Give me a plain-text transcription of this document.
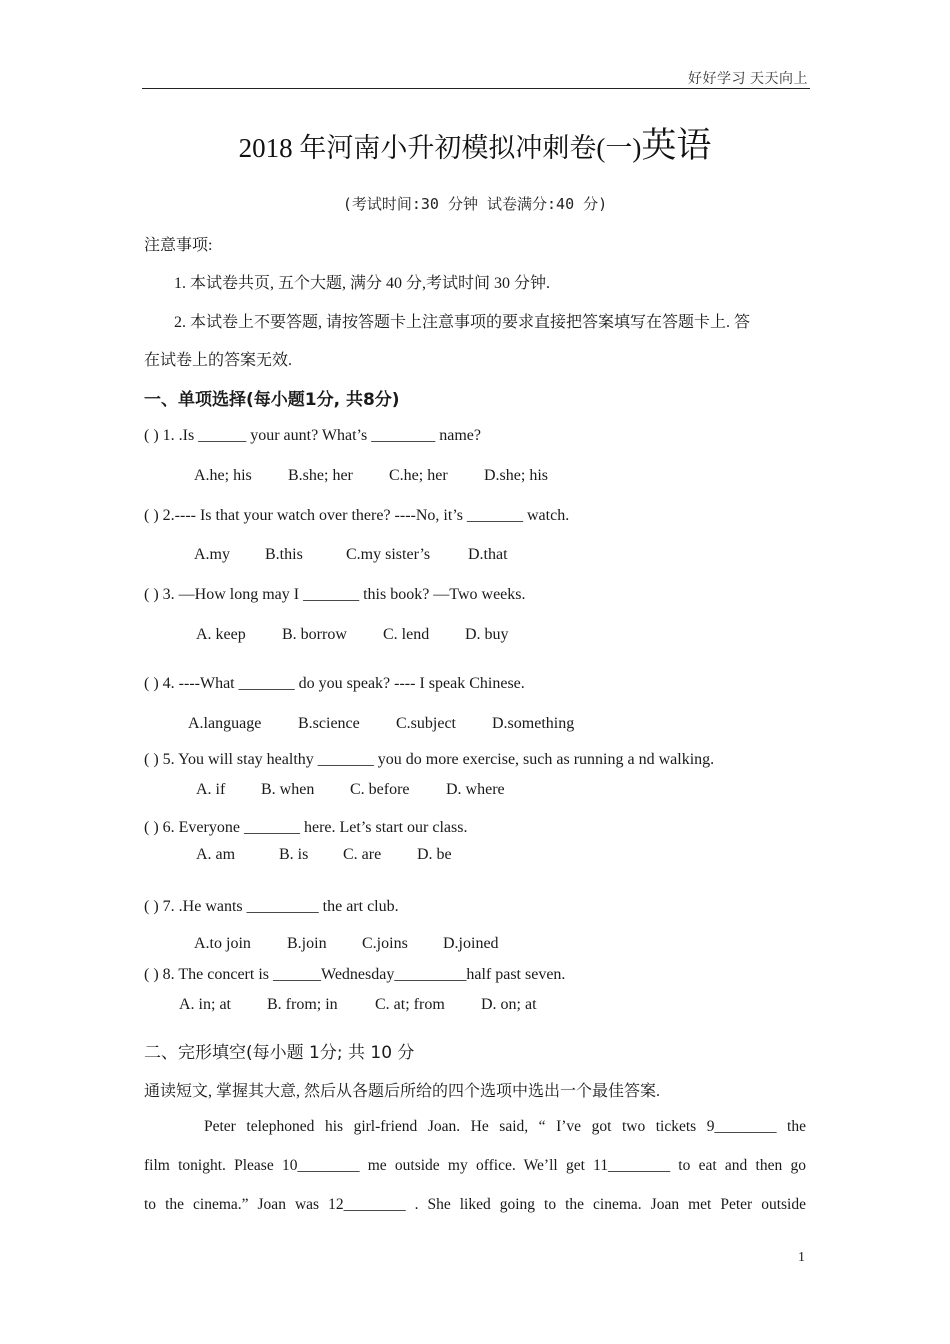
好好学习 天天向上
2018 年河南小升初模拟冲刺卷(一)英语
(考试时间:30 分钟 试卷满分:40 分)
注意事项:
1. 本试卷共页, 五个大题, 满分 40 分,考试时间 30 分钟.
2. 本试卷上不要答题, 请按答题卡上注意事项的要求直接把答案填写在答题卡上. 答
在试卷上的答案无效.
一、单项选择(每小题1分, 共8分)
( ) 1. .Is ______ your aunt? What’s ________ name?
A.he; his B.she; her C.he; her D.she; his
( ) 2.---- Is that your watch over there? ----No, it’s _______ watch.
A.my B.this	C.my sister’s D.that
( ) 3. —How long may I _______ this book? —Two weeks.
A. keep B. borrow C. lend D. buy
( ) 4. ----What _______ do you speak? ---- I speak Chinese.
A.language B.science C.subject D.something
( ) 5. You will stay healthy _______ you do more exercise, such as running a nd walking.
A. if B. when C. before D. where
( ) 6. Everyone _______ here. Let’s start our class.
A. am	B. is C. are D. be
( ) 7. .He wants _________ the art club.
A.to join B.join C.joins D.joined
( ) 8. The concert is ______Wednesday_________half past seven.
A. in; at B. from; in C. at; from D. on; at
二、完形填空(每小题 1分; 共 10 分
通读短文, 掌握其大意, 然后从各题后所给的四个选项中选出一个最佳答案.
Peter telephoned his girl-friend Joan. He said, “ I’ve got two tickets 9________ the
film tonight. Please 10________ me outside my office. We’ll get 11________ to eat and then go
to the cinema.” Joan was 12________ . She liked going to the cinema. Joan met Peter outside
1
